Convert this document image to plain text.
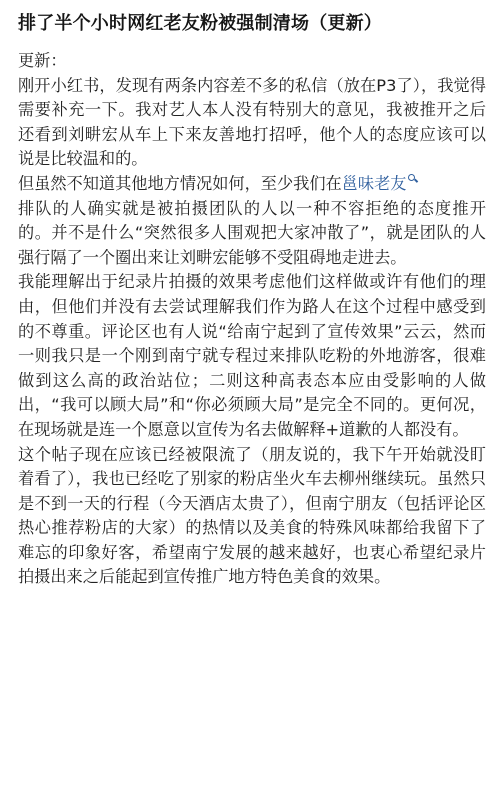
排了半个小时网红老友粉被强制清场（更新）

更新：

刚开小红书，发现有两条内容差不多的私信（放在P3了），我觉得需要补充一下。我对艺人本人没有特别大的意见，我被推开之后还看到刘畊宏从车上下来友善地打招呼，他个人的态度应该可以说是比较温和的。

但虽然不知道其他地方情况如何，至少我们在邕味老友

排队的人确实就是被拍摄团队的人以一种不容拒绝的态度推开的。并不是什么“突然很多人围观把大家冲散了”，就是团队的人强行隔了一个圈出来让刘畊宏能够不受阻碍地走进去。

我能理解出于纪录片拍摄的效果考虑他们这样做或许有他们的理由，但他们并没有去尝试理解我们作为路人在这个过程中感受到的不尊重。评论区也有人说“给南宁起到了宣传效果”云云，然而一则我只是一个刚到南宁就专程过来排队吃粉的外地游客，很难做到这么高的政治站位；二则这种高表态本应由受影响的人做出，“我可以顾大局”和“你必须顾大局”是完全不同的。更何况，在现场就是连一个愿意以宣传为名去做解释+道歉的人都没有。

这个帖子现在应该已经被限流了（朋友说的，我下午开始就没盯着看了），我也已经吃了别家的粉店坐火车去柳州继续玩。虽然只是不到一天的行程（今天酒店太贵了），但南宁朋友（包括评论区热心推荐粉店的大家）的热情以及美食的特殊风味都给我留下了难忘的印象好客，希望南宁发展的越来越好，也衷心希望纪录片拍摄出来之后能起到宣传推广地方特色美食的效果。
